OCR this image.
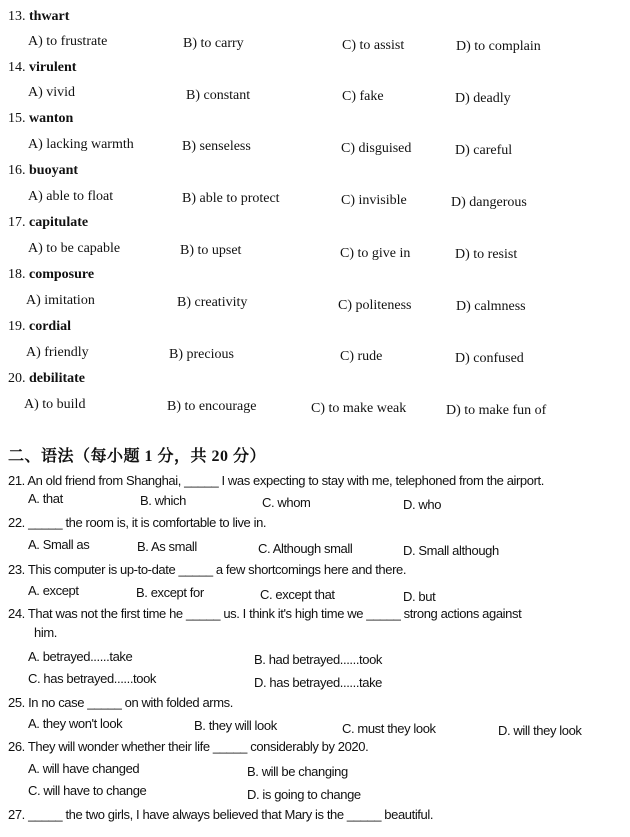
13. thwart
A) to frustrate	B) to carry	C) to assist	D) to complain
14. virulent
A) vivid	B) constant	C) fake	D) deadly
15. wanton
A) lacking warmth	B) senseless	C) disguised	D) careful
16. buoyant
A) able to float	B) able to protect	C) invisible	D) dangerous
17. capitulate
A) to be capable	B) to upset	C) to give in	D) to resist
18. composure
A) imitation	B) creativity	C) politeness	D) calmness
19. cordial
A) friendly	B) precious	C) rude	D) confused
20. debilitate
A) to build	B) to encourage	C) to make weak	D) to make fun of
二、语法（每小题 1 分，共 20 分）
21. An old friend from Shanghai, _____ I was expecting to stay with me, telephoned from the airport.
A. that	B. which	C. whom	D. who
22. _____ the room is, it is comfortable to live in.
A. Small as	B. As small	C. Although small	D. Small although
23. This computer is up-to-date _____ a few shortcomings here and there.
A. except	B. except for	C. except that	D. but
24. That was not the first time he _____ us. I think it's high time we _____ strong actions against
him.
A. betrayed......take	B. had betrayed......took
C. has betrayed......took	D. has betrayed......take
25. In no case _____ on with folded arms.
A. they won't look	B. they will look	C. must they look	D. will they look
26. They will wonder whether their life _____ considerably by 2020.
A. will have changed	B. will be changing
C. will have to change	D. is going to change
27. _____ the two girls, I have always believed that Mary is the _____ beautiful.
